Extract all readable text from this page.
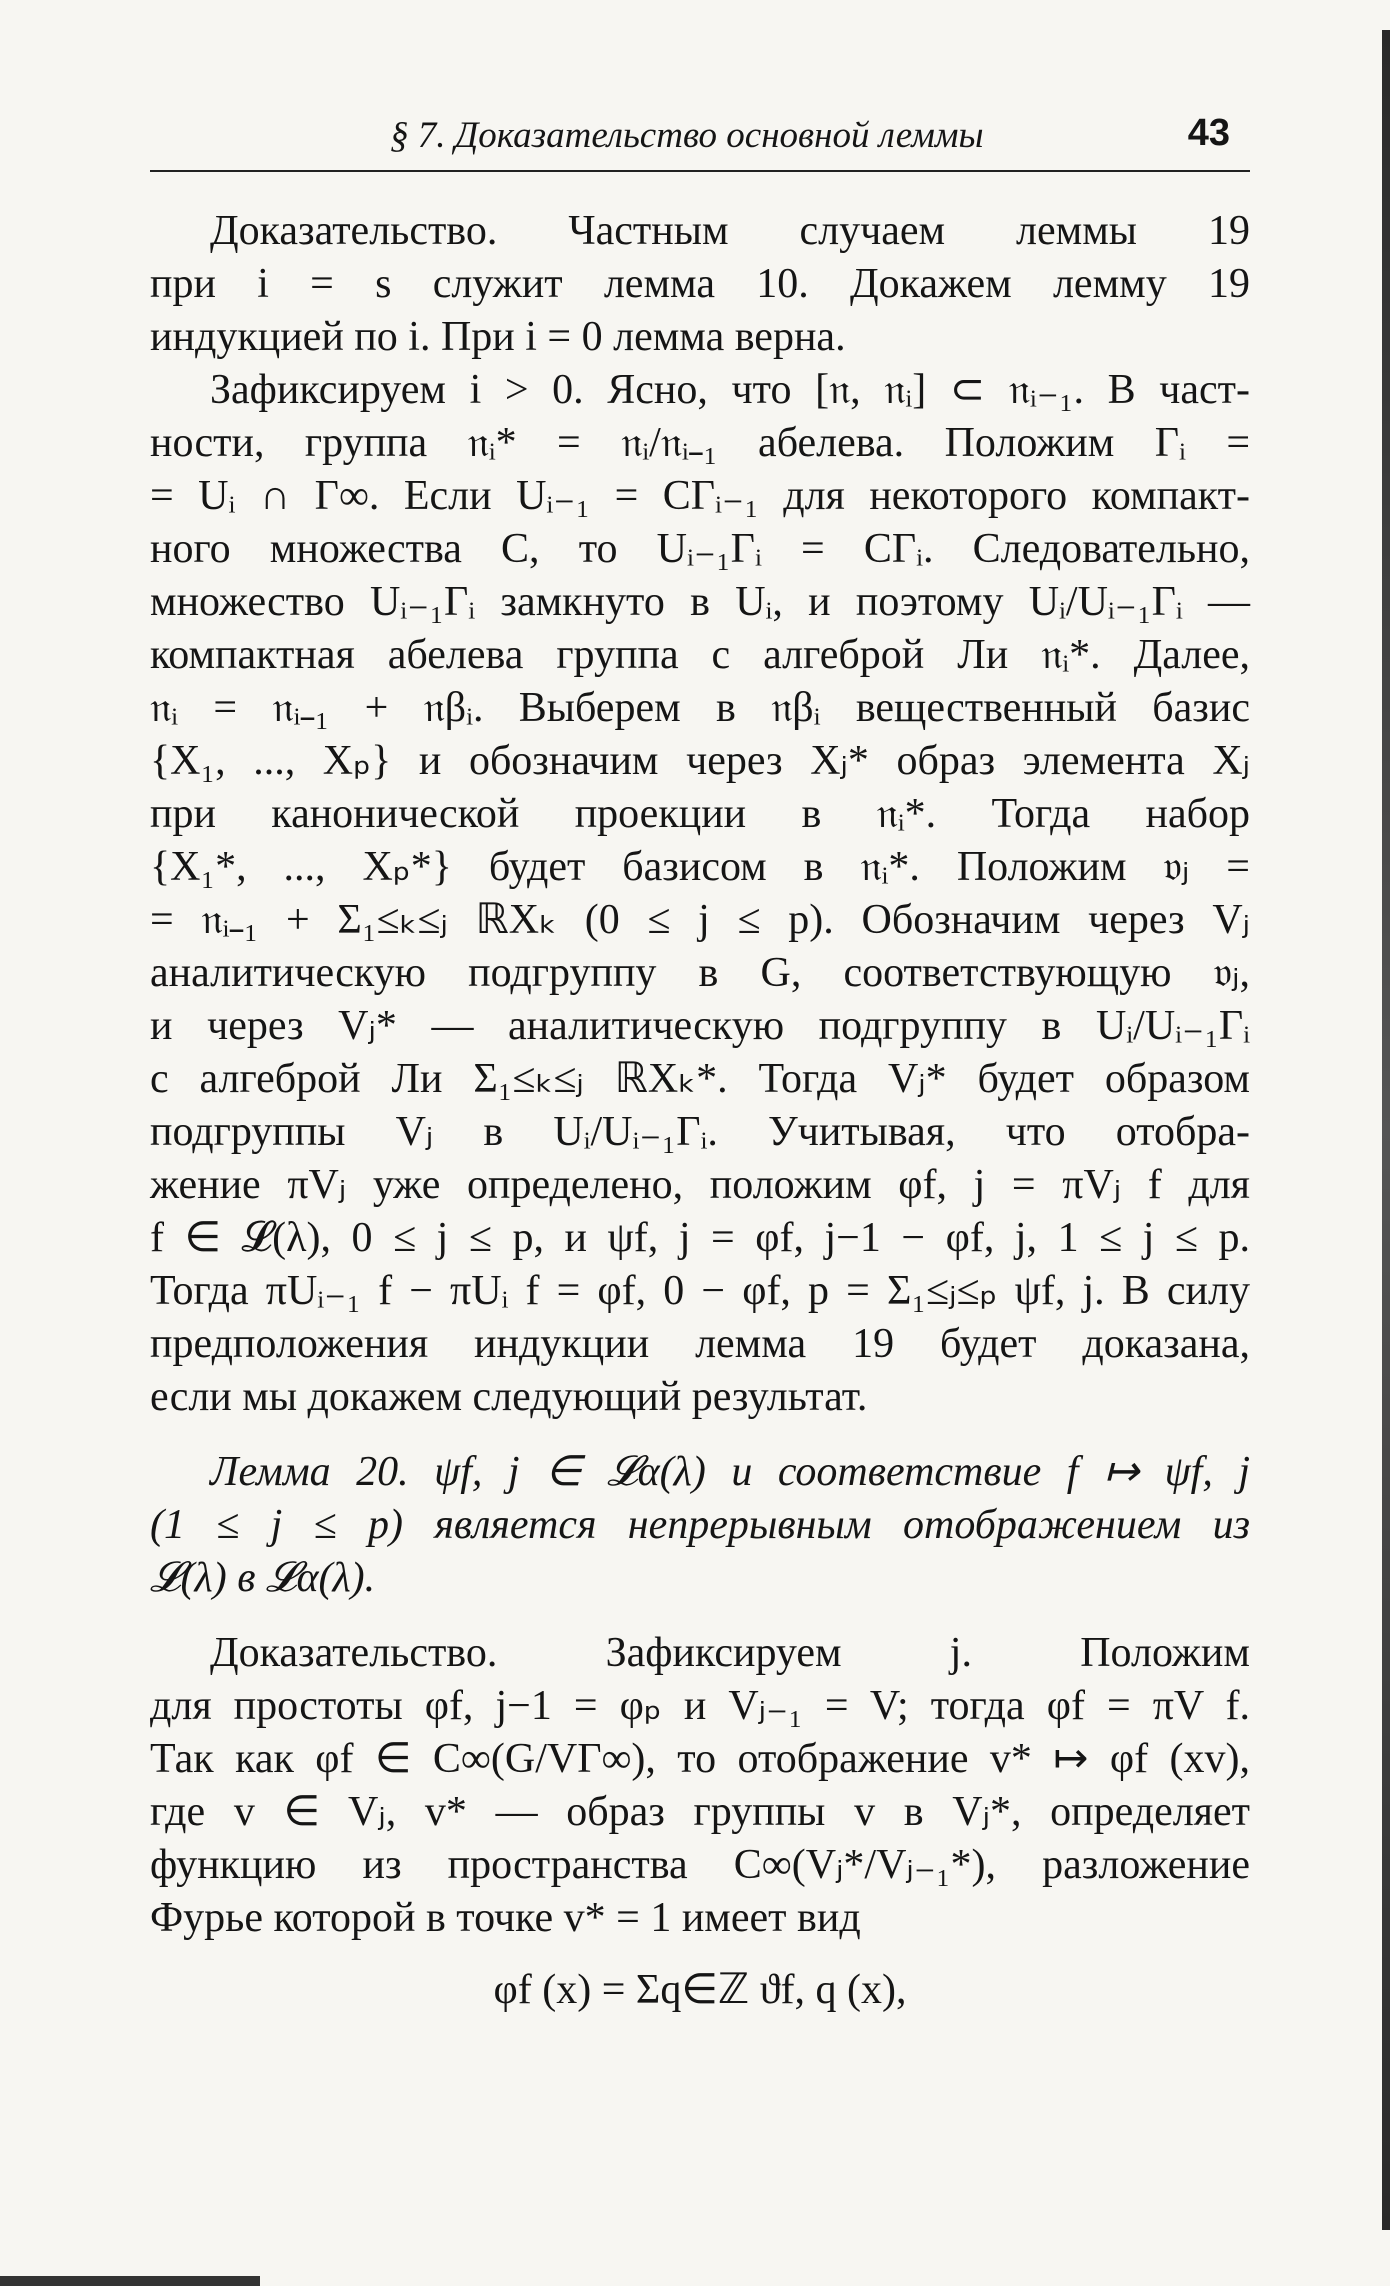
§ 7. Доказательство основной леммы	43
Доказательство. Частным случаем леммы 19
при i = s служит лемма 10. Докажем лемму 19
индукцией по i. При i = 0 лемма верна.
Зафиксируем i > 0. Ясно, что [𝔫, 𝔫ᵢ] ⊂ 𝔫ᵢ₋₁. В част-
ности, группа 𝔫ᵢ* = 𝔫ᵢ/𝔫ᵢ₋₁ абелева. Положим Γᵢ =
= Uᵢ ∩ Γ∞. Если Uᵢ₋₁ = CΓᵢ₋₁ для некоторого компакт-
ного множества C, то Uᵢ₋₁Γᵢ = CΓᵢ. Следовательно,
множество Uᵢ₋₁Γᵢ замкнуто в Uᵢ, и поэтому Uᵢ/Uᵢ₋₁Γᵢ —
компактная абелева группа с алгеброй Ли 𝔫ᵢ*. Далее,
𝔫ᵢ = 𝔫ᵢ₋₁ + 𝔫βᵢ. Выберем в 𝔫βᵢ вещественный базис
{X₁, ..., Xₚ} и обозначим через Xⱼ* образ элемента Xⱼ
при канонической проекции в 𝔫ᵢ*. Тогда набор
{X₁*, ..., Xₚ*} будет базисом в 𝔫ᵢ*. Положим 𝔳ⱼ =
= 𝔫ᵢ₋₁ + Σ₁≤ₖ≤ⱼ ℝXₖ (0 ≤ j ≤ p). Обозначим через Vⱼ
аналитическую подгруппу в G, соответствующую 𝔳ⱼ,
и через Vⱼ* — аналитическую подгруппу в Uᵢ/Uᵢ₋₁Γᵢ
с алгеброй Ли Σ₁≤ₖ≤ⱼ ℝXₖ*. Тогда Vⱼ* будет образом
подгруппы Vⱼ в Uᵢ/Uᵢ₋₁Γᵢ. Учитывая, что отобра-
жение πVⱼ уже определено, положим φf, j = πVⱼ f для
f ∈ 𝓛(λ), 0 ≤ j ≤ p, и ψf, j = φf, j−1 − φf, j, 1 ≤ j ≤ p.
Тогда πUᵢ₋₁ f − πUᵢ f = φf, 0 − φf, p = Σ₁≤ⱼ≤ₚ ψf, j. В силу
предположения индукции лемма 19 будет доказана,
если мы докажем следующий результат.
Лемма 20. ψf, j ∈ 𝓛α(λ) и соответствие f ↦ ψf, j
(1 ≤ j ≤ p) является непрерывным отображением из
𝓛(λ) в 𝓛α(λ).
Доказательство. Зафиксируем j. Положим
для простоты φf, j−1 = φₚ и Vⱼ₋₁ = V; тогда φf = πV f.
Так как φf ∈ C∞(G/VΓ∞), то отображение v* ↦ φf (xv),
где v ∈ Vⱼ, v* — образ группы v в Vⱼ*, определяет
функцию из пространства C∞(Vⱼ*/Vⱼ₋₁*), разложение
Фурье которой в точке v* = 1 имеет вид
φf (x) = Σq∈ℤ ϑf, q (x),
